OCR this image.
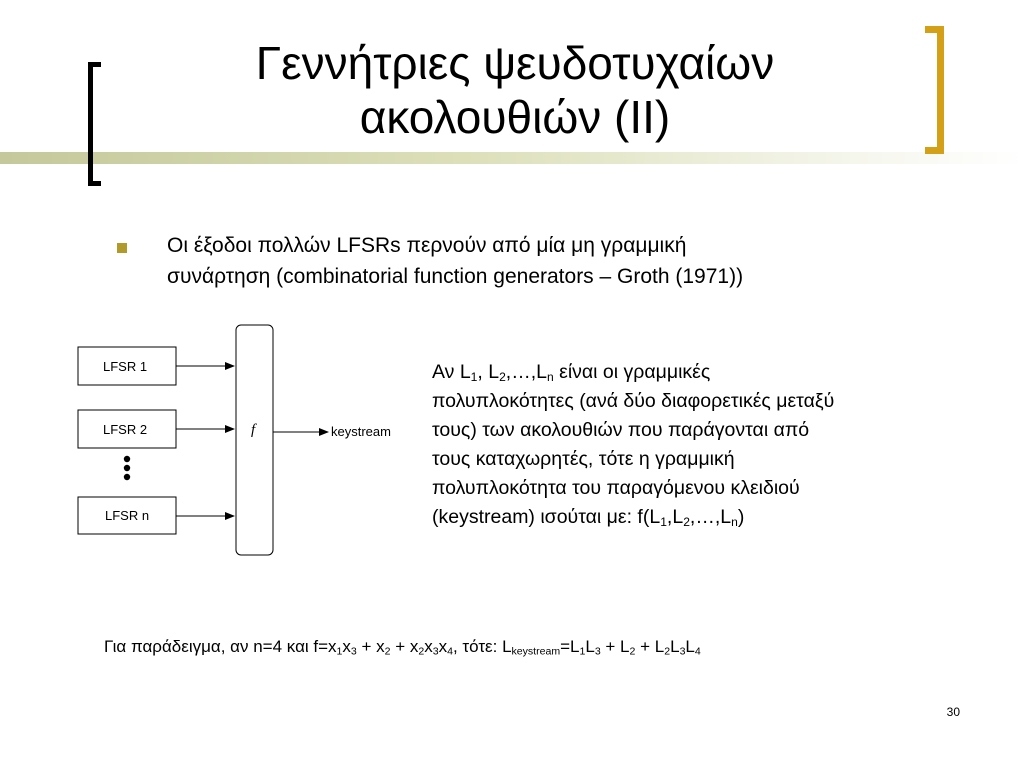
Γεννήτριες ψευδοτυχαίων
ακολουθιών (II)
Οι έξοδοι πολλών LFSRs περνούν από μία μη γραμμική
συνάρτηση (combinatorial function generators – Groth (1971))
LFSR 1
LFSR 2
LFSR n
f	keystream
Αν $L_1$, $L_2,\dots,L_n$ είναι οι γραμμικές
πολυπλοκότητες (ανά δύο διαφορετικές μεταξύ
τους) των ακολουθιών που παράγονται από
τους καταχωρητές, τότε η γραμμική
πολυπλοκότητα του παραγόμενου κλειδιού
(keystream) ισούται με: $f(L_1,L_2,\dots,L_n)$
Για παράδειγμα, αν n=4 και $f=x_1x_3 + x_2 + x_2x_3x_4$, τότε: $L_{keystream}=L_1L_3 + L_2 + L_2L_3L_4$
30
